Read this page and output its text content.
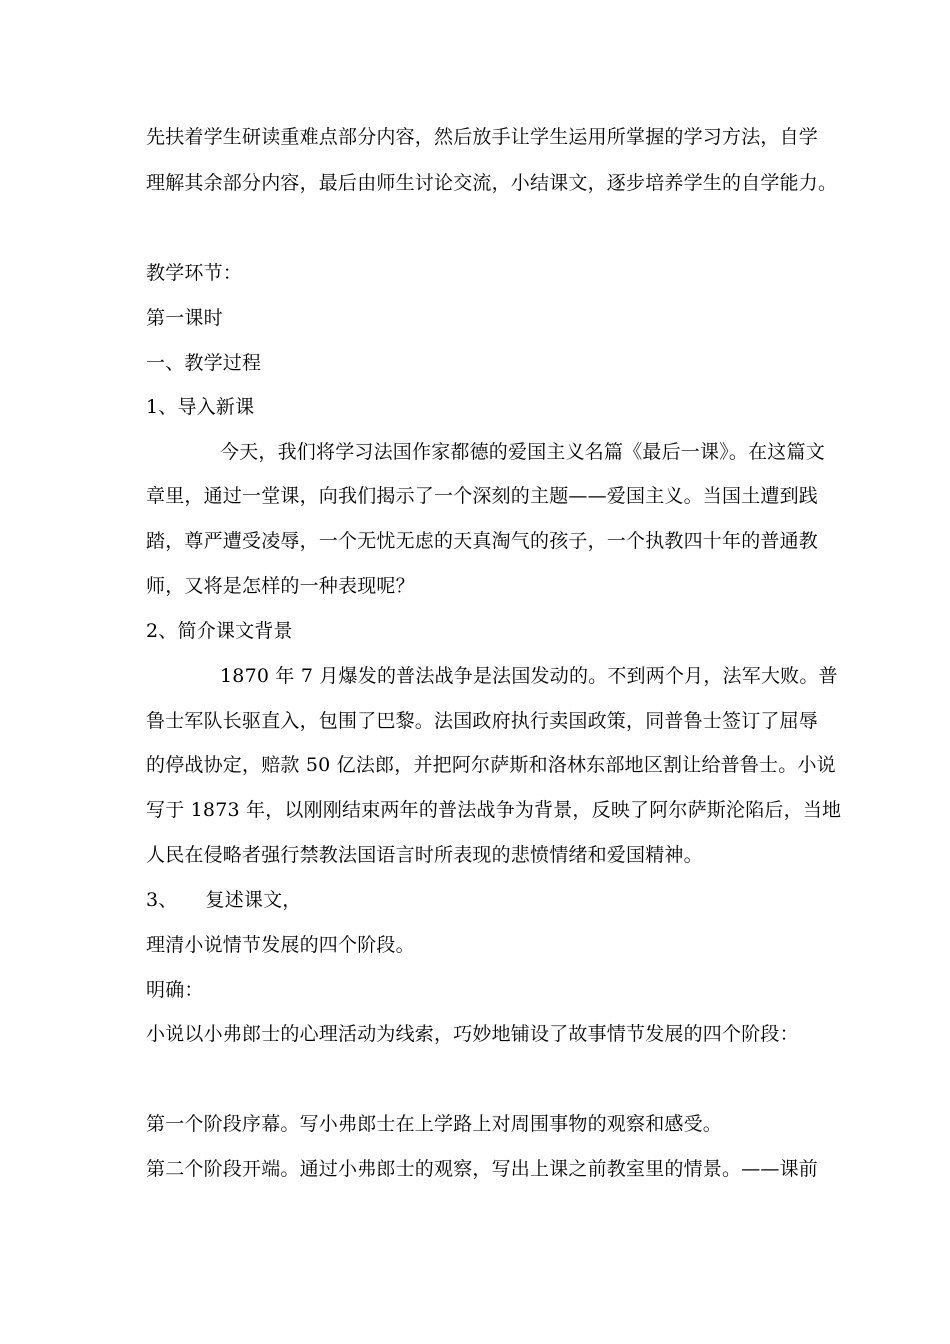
先扶着学生研读重难点部分内容，然后放手让学生运用所掌握的学习方法，自学
理解其余部分内容，最后由师生讨论交流，小结课文，逐步培养学生的自学能力。
教学环节：
第一课时
一、教学过程
1、导入新课
今天，我们将学习法国作家都德的爱国主义名篇《最后一课》。在这篇文
章里，通过一堂课，向我们揭示了一个深刻的主题——爱国主义。当国土遭到践
踏，尊严遭受凌辱，一个无忧无虑的天真淘气的孩子，一个执教四十年的普通教
师，又将是怎样的一种表现呢？
2、简介课文背景
1870 年 7 月爆发的普法战争是法国发动的。不到两个月，法军大败。普
鲁士军队长驱直入，包围了巴黎。法国政府执行卖国政策，同普鲁士签订了屈辱
的停战协定，赔款 50 亿法郎，并把阿尔萨斯和洛林东部地区割让给普鲁士。小说
写于 1873 年，以刚刚结束两年的普法战争为背景，反映了阿尔萨斯沦陷后，当地
人民在侵略者强行禁教法国语言时所表现的悲愤情绪和爱国精神。
3、 复述课文，
理清小说情节发展的四个阶段。
明确：
小说以小弗郎士的心理活动为线索，巧妙地铺设了故事情节发展的四个阶段：
第一个阶段序幕。写小弗郎士在上学路上对周围事物的观察和感受。
第二个阶段开端。通过小弗郎士的观察，写出上课之前教室里的情景。——课前
